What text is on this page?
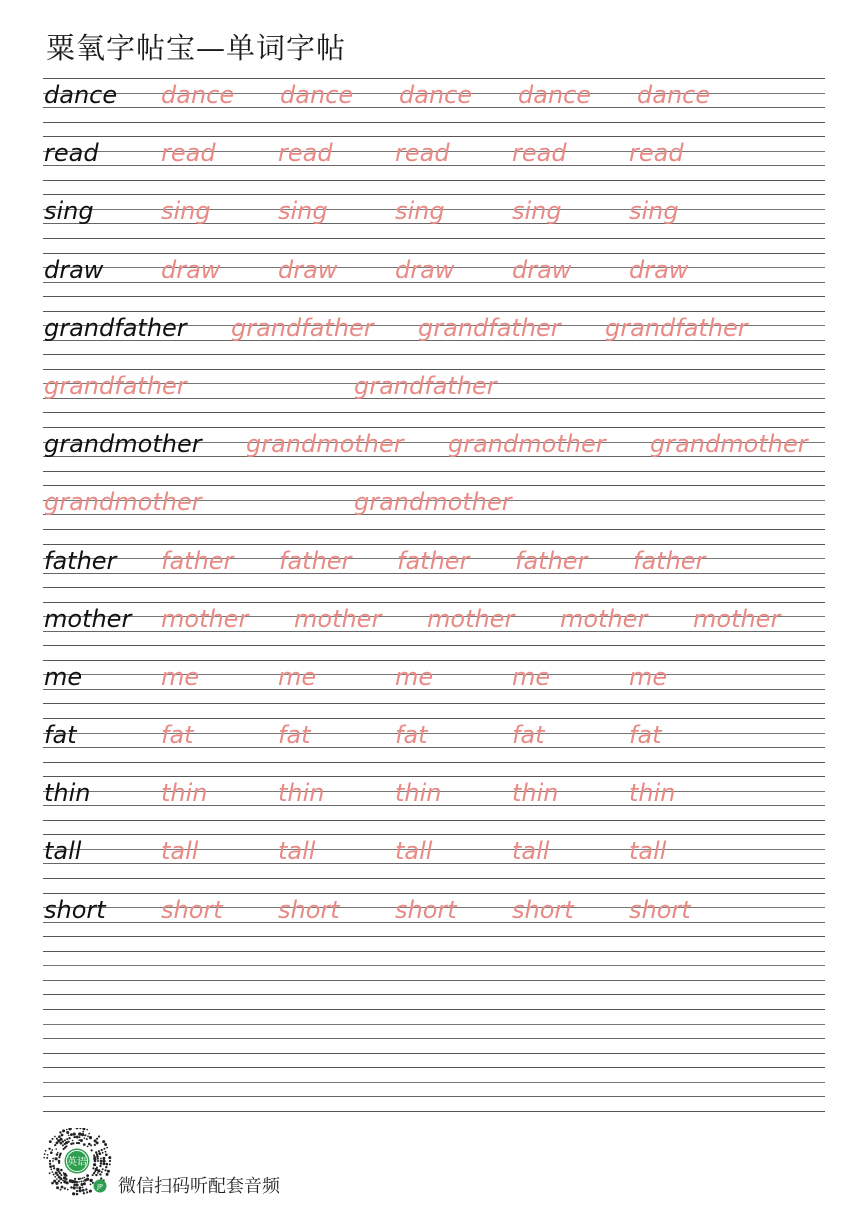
粟氧字帖宝—单词字帖
dance dance dance dance dance dance
read	read	read	read	read	read
sing	sing	sing	sing	sing	sing
draw draw draw draw draw draw
grandfather grandfather grandfather grandfather
grandfather	grandfather
grandmother grandmother grandmother grandmother
grandmother	grandmother
father father father father father father
mother mother mother mother mother mother
me	me	me	me	me	me
fat	fat	fat	fat	fat	fat
thin	thin	thin	thin	thin	thin
tall	tall	tall	tall	tall	tall
short short short short short short
英语
JP 微信扫码听配套音频
